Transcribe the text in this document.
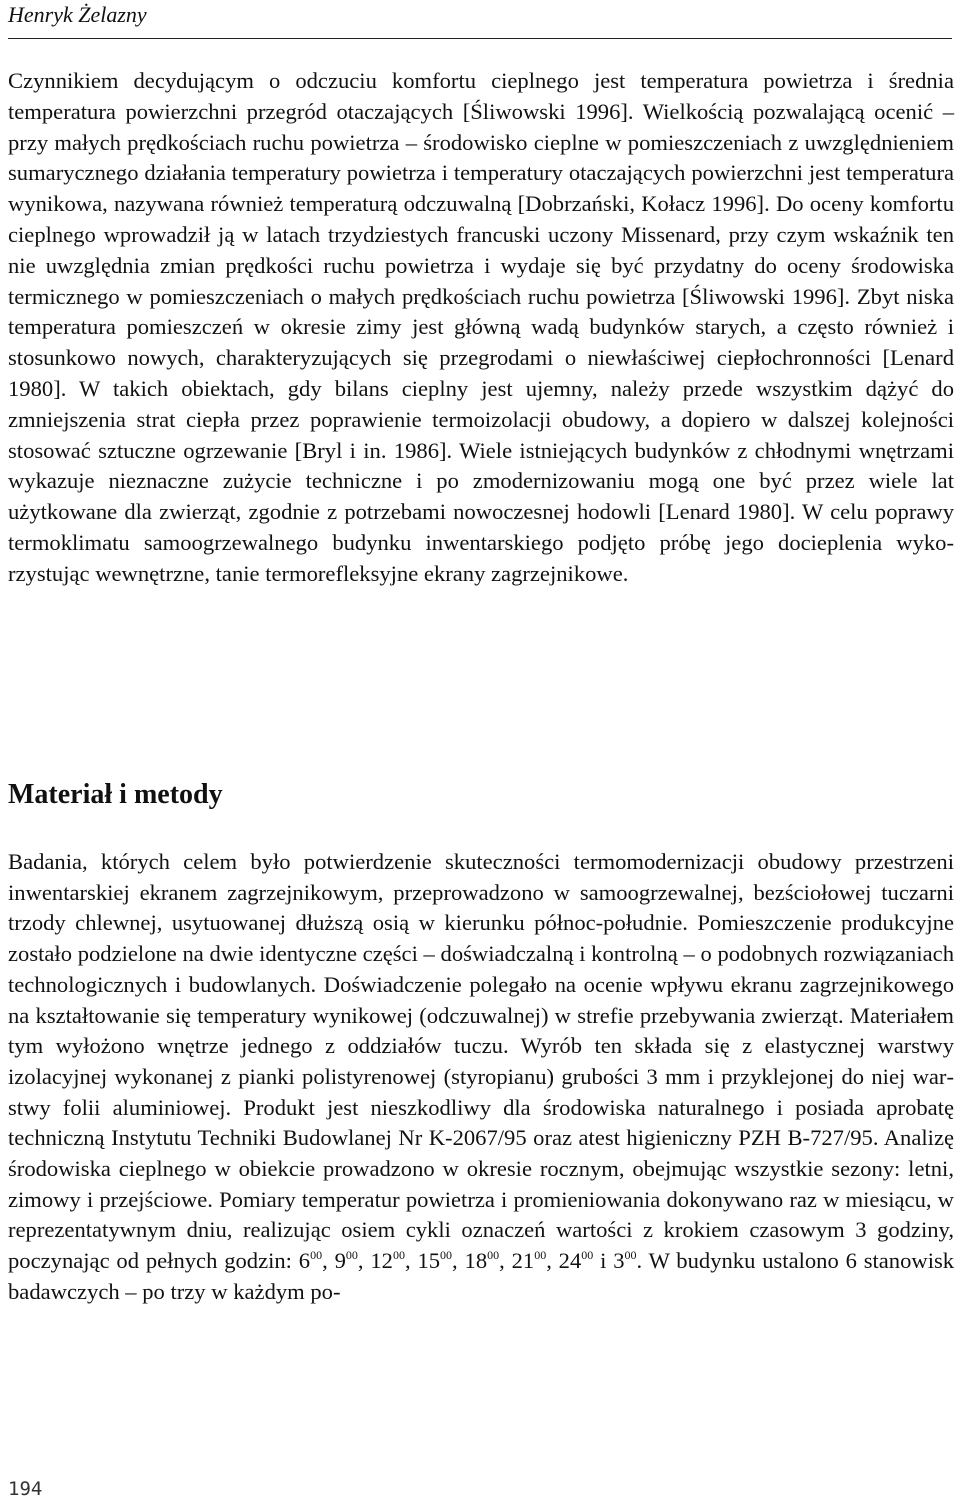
Henryk Żelazny

Czynnikiem decydującym o odczuciu komfortu cieplnego jest temperatura powietrza i średnia temperatura powierzchni przegród otaczających [Śliwowski 1996]. Wielkością pozwalającą ocenić – przy małych prędkościach ruchu powietrza – środowisko cieplne w pomieszczeniach z uwzględnieniem sumarycznego działania temperatury powietrza i temperatury otaczających powierzchni jest temperatura wynikowa, nazywana również temperaturą odczuwalną [Dobrzański, Kołacz 1996]. Do oceny komfortu cieplnego wprowadził ją w latach trzydziestych francuski uczony Missenard, przy czym wskaźnik ten nie uwzględnia zmian prędkości ruchu powietrza i wydaje się być przydatny do oceny środowiska termicznego w pomieszczeniach o małych prędkościach ruchu powietrza [Śliwowski 1996]. Zbyt niska temperatura pomieszczeń w okresie zimy jest główną wadą budynków starych, a często również i stosunkowo nowych, charakteryzujących się przegrodami o niewłaściwej ciepłochronności [Lenard 1980]. W takich obiektach, gdy bilans cieplny jest ujemny, należy przede wszystkim dążyć do zmniejszenia strat ciepła przez poprawienie termoizolacji obudowy, a dopiero w dalszej kolejności stosować sztuczne ogrzewanie [Bryl i in. 1986]. Wiele istniejących budynków z chłodnymi wnętrzami wykazuje nieznaczne zużycie techniczne i po zmodernizowaniu mogą one być przez wiele lat użytkowane dla zwierząt, zgodnie z potrzebami nowoczesnej hodowli [Lenard 1980]. W celu poprawy termoklimatu samoogrzewalnego budynku inwentarskiego podjęto próbę jego docieplenia wykorzystując wewnętrzne, tanie termorefleksyjne ekrany zagrzejnikowe.

Materiał i metody

Badania, których celem było potwierdzenie skuteczności termomodernizacji obudowy przestrzeni inwentarskiej ekranem zagrzejnikowym, przeprowadzono w samoogrzewalnej, bezściołowej tuczarni trzody chlewnej, usytuowanej dłuższą osią w kierunku północ-południe. Pomieszczenie produkcyjne zostało podzielone na dwie identyczne części – doświadczalną i kontrolną – o podobnych rozwiązaniach technologicznych i budowlanych. Doświadczenie polegało na ocenie wpływu ekranu zagrzejnikowego na kształtowanie się temperatury wynikowej (odczuwalnej) w strefie przebywania zwierząt. Materiałem tym wyłożono wnętrze jednego z oddziałów tuczu. Wyrób ten składa się z elastycznej warstwy izolacyjnej wykonanej z pianki polistyrenowej (styropianu) grubości 3 mm i przyklejonej do niej warstwy folii aluminiowej. Produkt jest nieszkodliwy dla środowiska naturalnego i posiada aprobatę techniczną Instytutu Techniki Budowlanej Nr K-2067/95 oraz atest higieniczny PZH B-727/95. Analizę środowiska cieplnego w obiekcie prowadzono w okresie rocznym, obejmując wszystkie sezony: letni, zimowy i przejściowe. Pomiary temperatur powietrza i promieniowania dokonywano raz w miesiącu, w reprezentatywnym dniu, realizując osiem cykli oznaczeń wartości z krokiem czasowym 3 godziny, poczynając od pełnych godzin: $6^{00}$, $9^{00}$, $12^{00}$, $15^{00}$, $18^{00}$, $21^{00}$, $24^{00}$ i $3^{00}$. W budynku ustalono 6 stanowisk badawczych – po trzy w każdym po-

194
